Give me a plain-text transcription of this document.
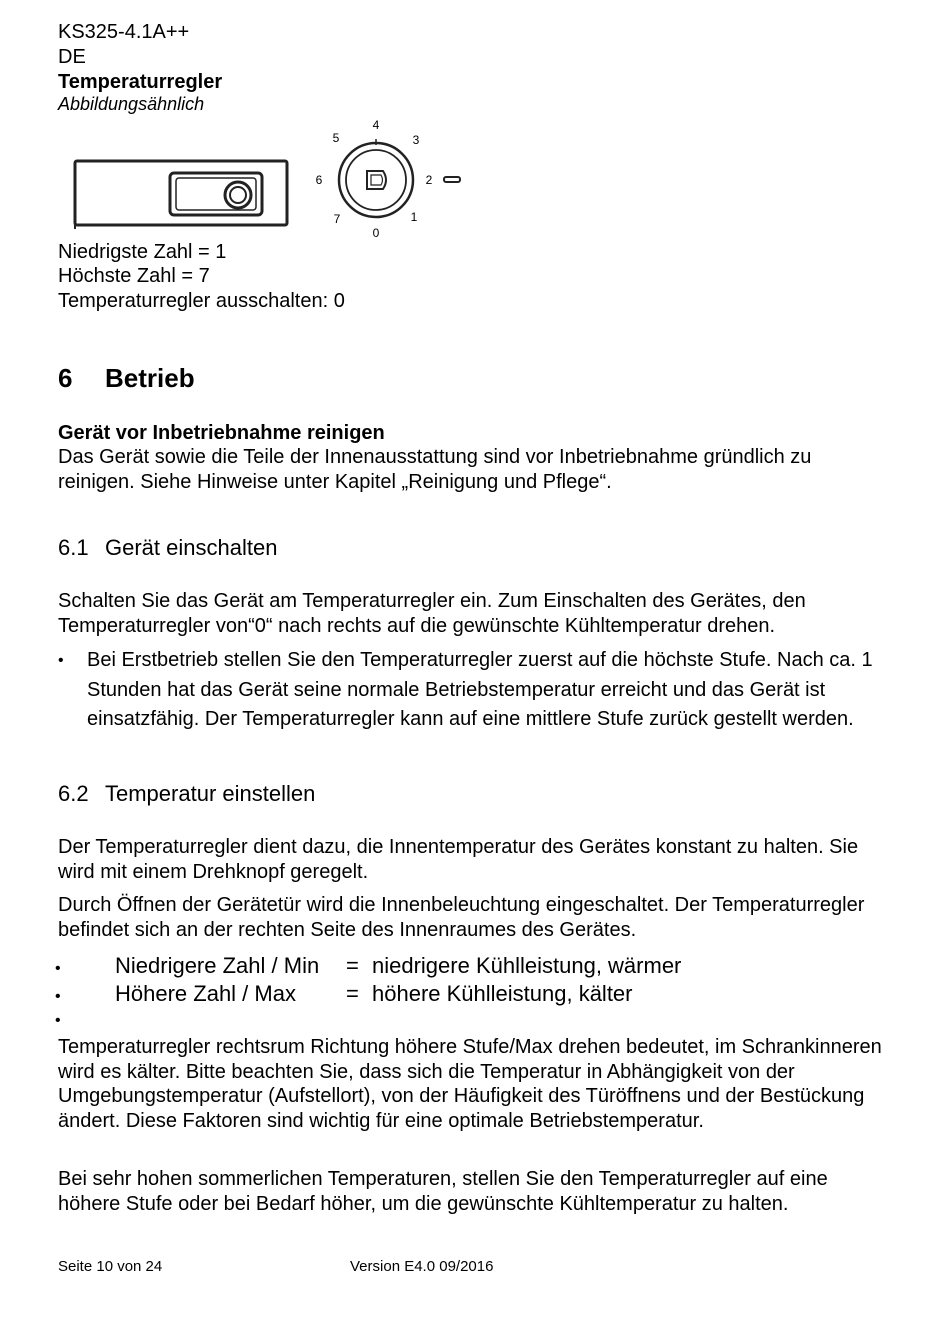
KS325-4.1A++
DE
Temperaturregler
Abbildungsähnlich
0
1
2
3
4
5
6
7
Niedrigste Zahl = 1
Höchste Zahl = 7
Temperaturregler ausschalten: 0
6 Betrieb
Gerät vor Inbetriebnahme reinigen
Das Gerät sowie die Teile der Innenausstattung sind vor Inbetriebnahme gründlich zu reinigen. Siehe Hinweise unter Kapitel „Reinigung und Pflege“.
6.1 Gerät einschalten
Schalten Sie das Gerät am Temperaturregler ein. Zum Einschalten des Gerätes, den Temperaturregler von“0“ nach rechts auf die gewünschte Kühltemperatur drehen.
• Bei Erstbetrieb stellen Sie den Temperaturregler zuerst auf die höchste Stufe. Nach ca. 1 Stunden hat das Gerät seine normale Betriebstemperatur erreicht und das Gerät ist einsatzfähig. Der Temperaturregler kann auf eine mittlere Stufe zurück gestellt werden.
6.2 Temperatur einstellen
Der Temperaturregler dient dazu, die Innentemperatur des Gerätes konstant zu halten. Sie wird mit einem Drehknopf geregelt.
Durch Öffnen der Gerätetür wird die Innenbeleuchtung eingeschaltet. Der Temperaturregler befindet sich an der rechten Seite des Innenraumes des Gerätes.
• Niedrigere Zahl / Min = niedrigere Kühlleistung, wärmer
• Höhere Zahl / Max = höhere Kühlleistung, kälter
•
Temperaturregler rechtsrum Richtung höhere Stufe/Max drehen bedeutet, im Schrankinneren wird es kälter. Bitte beachten Sie, dass sich die Temperatur in Abhängigkeit von der Umgebungstemperatur (Aufstellort), von der Häufigkeit des Türöffnens und der Bestückung ändert. Diese Faktoren sind wichtig für eine optimale Betriebstemperatur.
Bei sehr hohen sommerlichen Temperaturen, stellen Sie den Temperaturregler auf eine höhere Stufe oder bei Bedarf höher, um die gewünschte Kühltemperatur zu halten.
Seite 10 von 24	Version E4.0 09/2016
